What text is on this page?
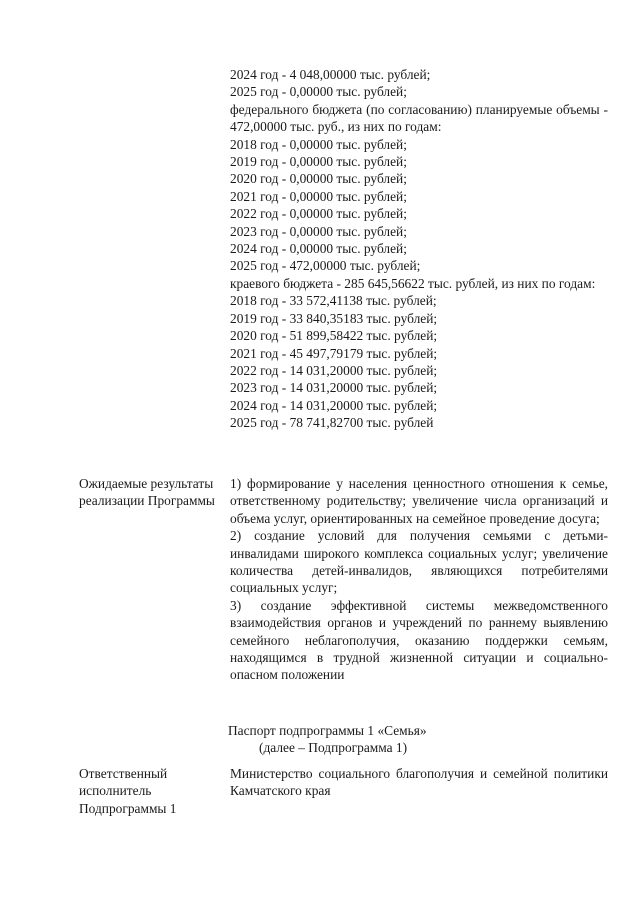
2024 год - 4 048,00000 тыс. рублей;
2025 год - 0,00000 тыс. рублей;
федерального бюджета (по согласованию) планируемые объемы - 472,00000 тыс. руб., из них по годам:
2018 год - 0,00000 тыс. рублей;
2019 год - 0,00000 тыс. рублей;
2020 год - 0,00000 тыс. рублей;
2021 год - 0,00000 тыс. рублей;
2022 год - 0,00000 тыс. рублей;
2023 год - 0,00000 тыс. рублей;
2024 год - 0,00000 тыс. рублей;
2025 год - 472,00000 тыс. рублей;
краевого бюджета - 285 645,56622 тыс. рублей, из них по годам:
2018 год - 33 572,41138 тыс. рублей;
2019 год - 33 840,35183 тыс. рублей;
2020 год - 51 899,58422 тыс. рублей;
2021 год - 45 497,79179 тыс. рублей;
2022 год - 14 031,20000 тыс. рублей;
2023 год - 14 031,20000 тыс. рублей;
2024 год - 14 031,20000 тыс. рублей;
2025 год - 78 741,82700 тыс. рублей
Ожидаемые результаты реализации Программы
1) формирование у населения ценностного отношения к семье, ответственному родительству; увеличение числа организаций и объема услуг, ориентированных на семейное проведение досуга;
2) создание условий для получения семьями с детьми-инвалидами широкого комплекса социальных услуг; увеличение количества детей-инвалидов, являющихся потребителями социальных услуг;
3) создание эффективной системы межведомственного взаимодействия органов и учреждений по раннему выявлению семейного неблагополучия, оказанию поддержки семьям, находящимся в трудной жизненной ситуации и социально-опасном положении
Паспорт подпрограммы 1 «Семья»
(далее – Подпрограмма 1)
Ответственный исполнитель Подпрограммы 1
Министерство социального благополучия и семейной политики Камчатского края
